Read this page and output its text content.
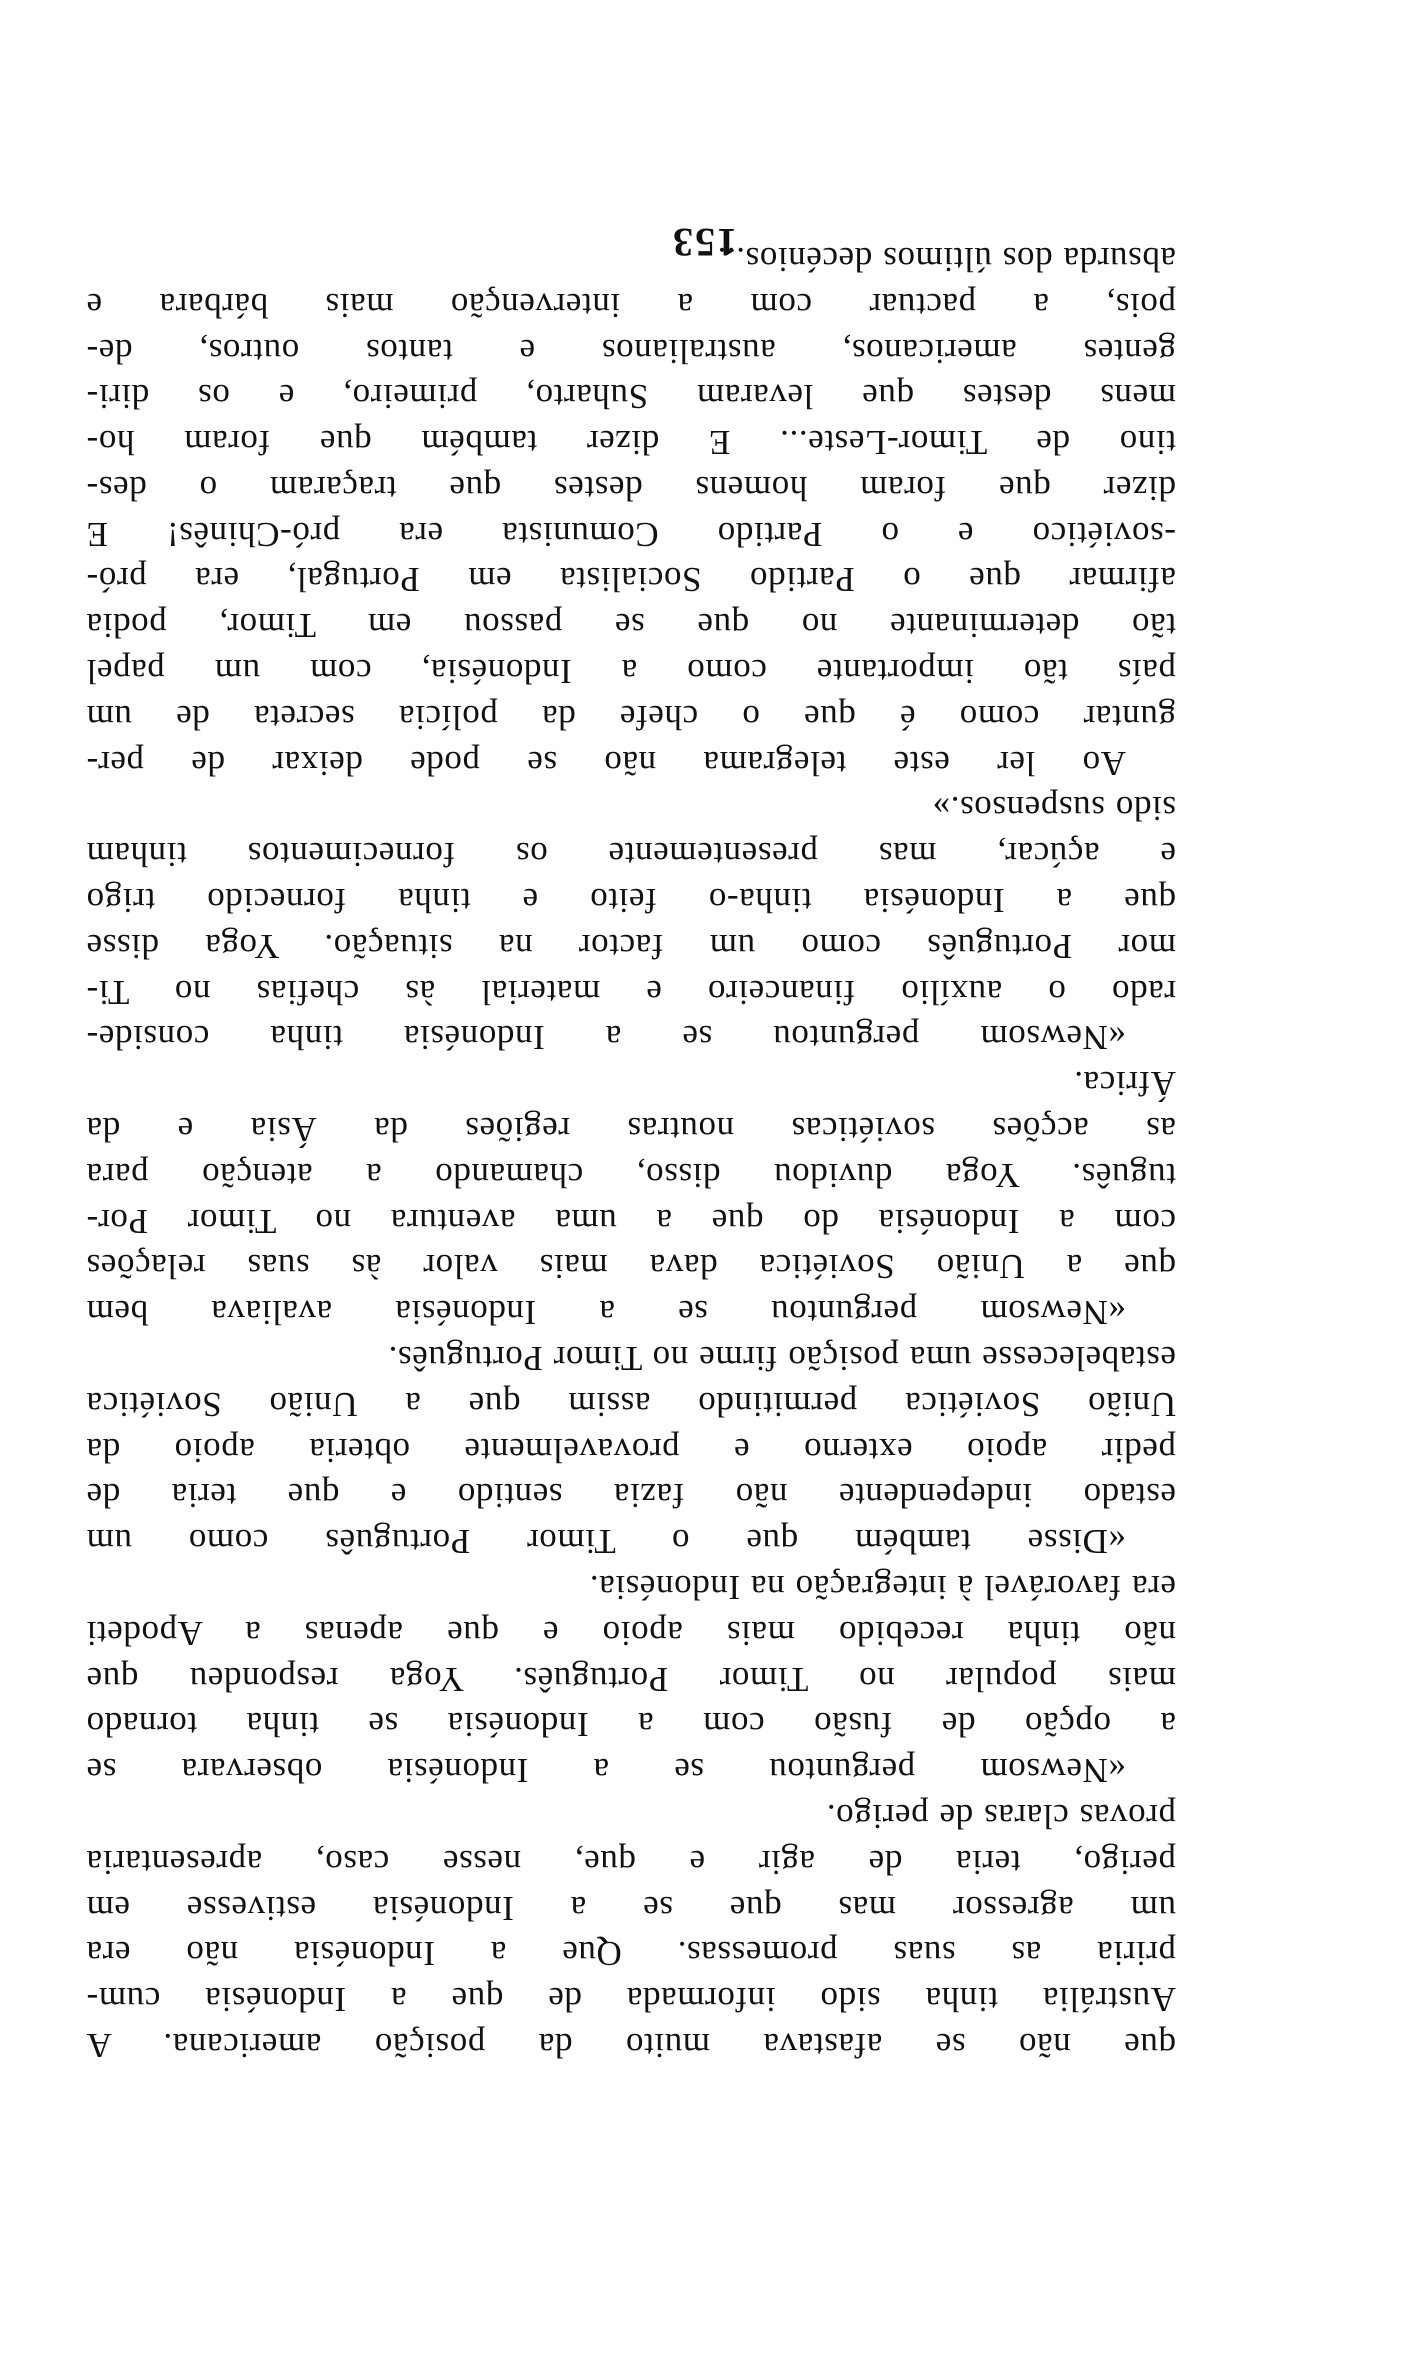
que não se afastava muito da posição americana. A
Austrália tinha sido informada de que a Indonésia cum-
priria as suas promessas. Que a Indonésia não era
um agressor mas que se a Indonésia estivesse em
perigo, teria de agir e que, nesse caso, apresentaria
provas claras de perigo.
«Newsom perguntou se a Indonésia observara se
a opção de fusão com a Indonésia se tinha tornado
mais popular no Timor Português. Yoga respondeu que
não tinha recebido mais apoio e que apenas a Apodeti
era favorável à integração na Indonésia.
«Disse também que o Timor Português como um
estado independente não fazia sentido e que teria de
pedir apoio externo e provavelmente obteria apoio da
União Soviética permitindo assim que a União Soviética
estabelecesse uma posição firme no Timor Português.
«Newsom perguntou se a Indonésia avaliava bem
que a União Soviética dava mais valor às suas relações
com a Indonésia do que a uma aventura no Timor Por-
tuguês. Yoga duvidou disso, chamando a atenção para
as acções soviéticas noutras regiões da Ásia e da
África.
«Newsom perguntou se a Indonésia tinha conside-
rado o auxílio financeiro e material às chefias no Ti-
mor Português como um factor na situação. Yoga disse
que a Indonésia tinha-o feito e tinha fornecido trigo
e açúcar, mas presentemente os fornecimentos tinham
sido suspensos.»
Ao ler este telegrama não se pode deixar de per-
guntar como é que o chefe da polícia secreta de um
país tão importante como a Indonésia, com um papel
tão determinante no que se passou em Timor, podia
afirmar que o Partido Socialista em Portugal, era pró-
-soviético e o Partido Comunista era pró-Chinês! E
dizer que foram homens destes que traçaram o des-
tino de Timor-Leste... E dizer também que foram ho-
mens destes que levaram Suharto, primeiro, e os diri-
gentes americanos, australianos e tantos outros, de-
pois, a pactuar com a intervenção mais bárbara e
absurda dos últimos decénios...
153
